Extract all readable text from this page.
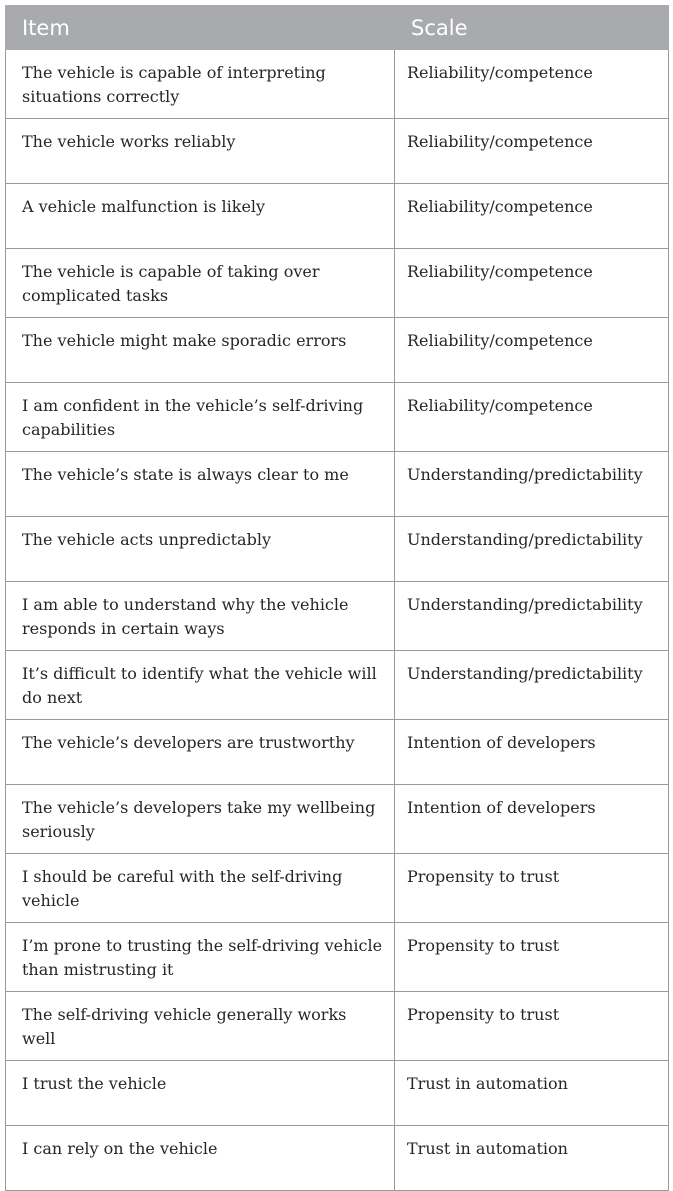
Item	Scale
The vehicle is capable of interpreting situations correctly	Reliability/competence
The vehicle works reliably	Reliability/competence
A vehicle malfunction is likely	Reliability/competence
The vehicle is capable of taking over complicated tasks	Reliability/competence
The vehicle might make sporadic errors	Reliability/competence
I am confident in the vehicle’s self-driving capabilities	Reliability/competence
The vehicle’s state is always clear to me	Understanding/predictability
The vehicle acts unpredictably	Understanding/predictability
I am able to understand why the vehicle responds in certain ways	Understanding/predictability
It’s difficult to identify what the vehicle will do next	Understanding/predictability
The vehicle’s developers are trustworthy	Intention of developers
The vehicle’s developers take my wellbeing seriously	Intention of developers
I should be careful with the self-driving vehicle	Propensity to trust
I’m prone to trusting the self-driving vehicle than mistrusting it	Propensity to trust
The self-driving vehicle generally works well	Propensity to trust
I trust the vehicle	Trust in automation
I can rely on the vehicle	Trust in automation
